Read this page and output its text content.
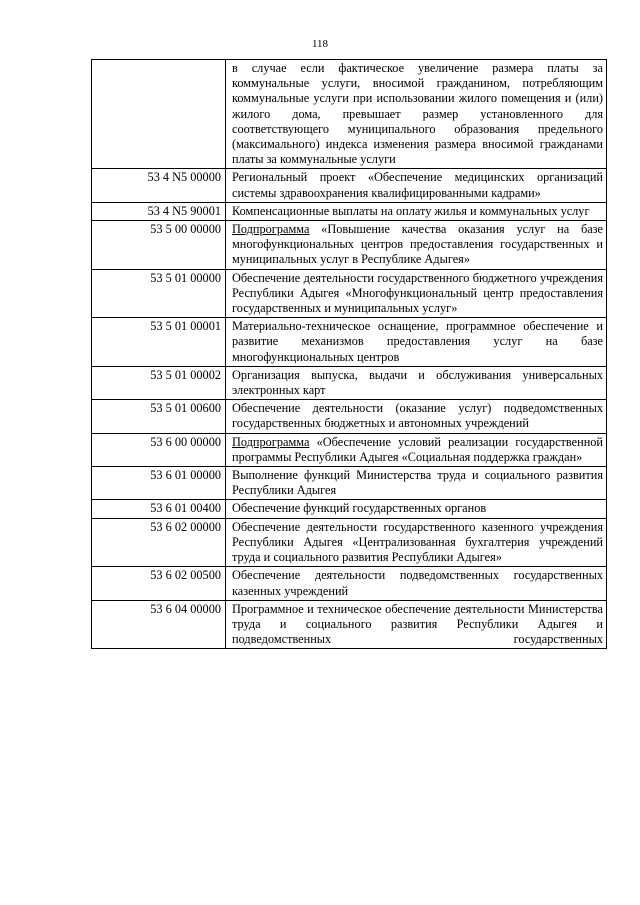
118
	в случае если фактическое увеличение размера платы за коммунальные услуги, вносимой гражданином, потребляющим коммунальные услуги при использовании жилого помещения и (или) жилого дома, превышает размер установленного для соответствующего муниципального образования предельного (максимального) индекса изменения размера вносимой гражданами платы за коммунальные услуги
53 4 N5 00000	Региональный проект «Обеспечение медицинских организаций системы здравоохранения квалифицированными кадрами»
53 4 N5 90001	Компенсационные выплаты на оплату жилья и коммунальных услуг
53 5 00 00000	Подпрограмма «Повышение качества оказания услуг на базе многофункциональных центров предоставления государственных и муниципальных услуг в Республике Адыгея»
53 5 01 00000	Обеспечение деятельности государственного бюджетного учреждения Республики Адыгея «Многофункциональный центр предоставления государственных и муниципальных услуг»
53 5 01 00001	Материально-техническое оснащение, программное обеспечение и развитие механизмов предоставления услуг на базе многофункциональных центров
53 5 01 00002	Организация выпуска, выдачи и обслуживания универсальных электронных карт
53 5 01 00600	Обеспечение деятельности (оказание услуг) подведомственных государственных бюджетных и автономных учреждений
53 6 00 00000	Подпрограмма «Обеспечение условий реализации государственной программы Республики Адыгея «Социальная поддержка граждан»
53 6 01 00000	Выполнение функций Министерства труда и социального развития Республики Адыгея
53 6 01 00400	Обеспечение функций государственных органов
53 6 02 00000	Обеспечение деятельности государственного казенного учреждения Республики Адыгея «Централизованная бухгалтерия учреждений труда и социального развития Республики Адыгея»
53 6 02 00500	Обеспечение деятельности подведомственных государственных казенных учреждений
53 6 04 00000	Программное и техническое обеспечение деятельности Министерства труда и социального развития Республики Адыгея и подведомственных государственных
